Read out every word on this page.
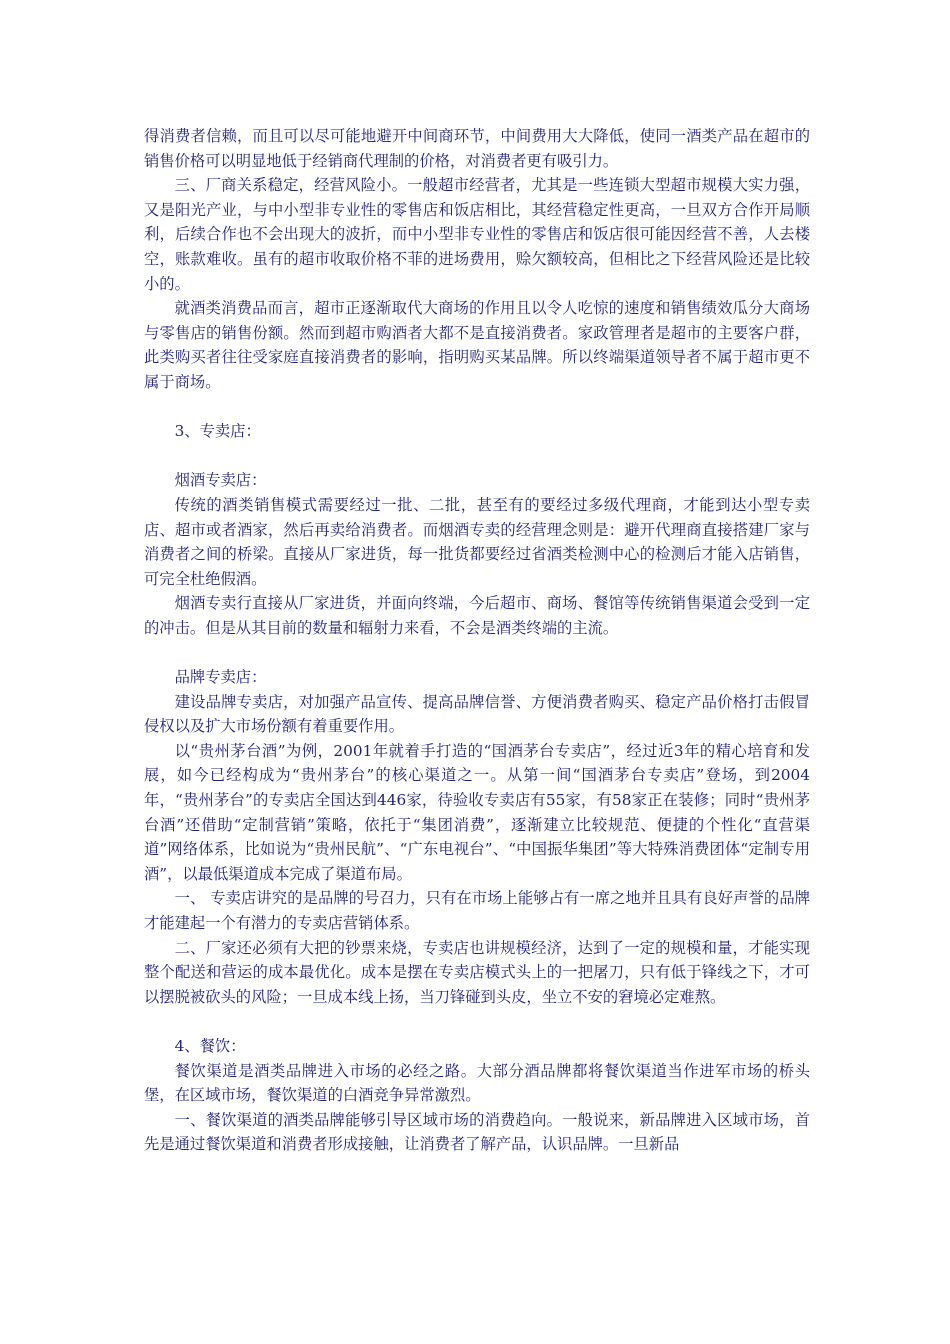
得消费者信赖，而且可以尽可能地避开中间商环节，中间费用大大降低，使同一酒类产品在超市的销售价格可以明显地低于经销商代理制的价格，对消费者更有吸引力。

三、厂商关系稳定，经营风险小。一般超市经营者，尤其是一些连锁大型超市规模大实力强，又是阳光产业，与中小型非专业性的零售店和饭店相比，其经营稳定性更高，一旦双方合作开局顺利，后续合作也不会出现大的波折，而中小型非专业性的零售店和饭店很可能因经营不善，人去楼空，账款难收。虽有的超市收取价格不菲的进场费用，赊欠额较高，但相比之下经营风险还是比较小的。

就酒类消费品而言，超市正逐渐取代大商场的作用且以令人吃惊的速度和销售绩效瓜分大商场与零售店的销售份额。然而到超市购酒者大都不是直接消费者。家政管理者是超市的主要客户群，此类购买者往往受家庭直接消费者的影响，指明购买某品牌。所以终端渠道领导者不属于超市更不属于商场。

3、专卖店：

烟酒专卖店：

传统的酒类销售模式需要经过一批、二批，甚至有的要经过多级代理商，才能到达小型专卖店、超市或者酒家，然后再卖给消费者。而烟酒专卖的经营理念则是：避开代理商直接搭建厂家与消费者之间的桥梁。直接从厂家进货，每一批货都要经过省酒类检测中心的检测后才能入店销售，可完全杜绝假酒。

烟酒专卖行直接从厂家进货，并面向终端，今后超市、商场、餐馆等传统销售渠道会受到一定的冲击。但是从其目前的数量和辐射力来看，不会是酒类终端的主流。

品牌专卖店：

建设品牌专卖店，对加强产品宣传、提高品牌信誉、方便消费者购买、稳定产品价格打击假冒侵权以及扩大市场份额有着重要作用。

以“贵州茅台酒”为例，2001年就着手打造的“国酒茅台专卖店”，经过近3年的精心培育和发展，如今已经构成为“贵州茅台”的核心渠道之一。从第一间“国酒茅台专卖店”登场，到2004年，“贵州茅台”的专卖店全国达到446家，待验收专卖店有55家，有58家正在装修；同时“贵州茅台酒”还借助“定制营销”策略，依托于“集团消费”，逐渐建立比较规范、便捷的个性化“直营渠道”网络体系，比如说为“贵州民航”、“广东电视台”、“中国振华集团”等大特殊消费团体“定制专用酒”，以最低渠道成本完成了渠道布局。

一、 专卖店讲究的是品牌的号召力，只有在市场上能够占有一席之地并且具有良好声誉的品牌才能建起一个有潜力的专卖店营销体系。

二、厂家还必须有大把的钞票来烧，专卖店也讲规模经济，达到了一定的规模和量，才能实现整个配送和营运的成本最优化。成本是摆在专卖店模式头上的一把屠刀，只有低于锋线之下，才可以摆脱被砍头的风险；一旦成本线上扬，当刀锋碰到头皮，坐立不安的窘境必定难熬。

4、餐饮：

餐饮渠道是酒类品牌进入市场的必经之路。大部分酒品牌都将餐饮渠道当作进军市场的桥头堡，在区域市场，餐饮渠道的白酒竞争异常激烈。

一、餐饮渠道的酒类品牌能够引导区域市场的消费趋向。一般说来，新品牌进入区域市场，首先是通过餐饮渠道和消费者形成接触，让消费者了解产品，认识品牌。一旦新品
